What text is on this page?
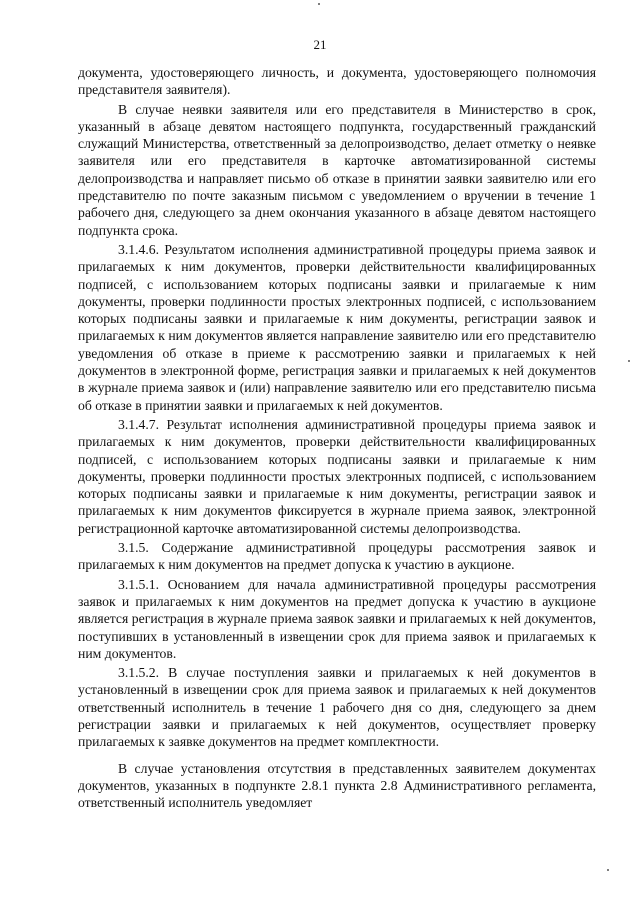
21

документа, удостоверяющего личность, и документа, удостоверяющего полномочия представителя заявителя).

В случае неявки заявителя или его представителя в Министерство в срок, указанный в абзаце девятом настоящего подпункта, государственный гражданский служащий Министерства, ответственный за делопроизводство, делает отметку о неявке заявителя или его представителя в карточке автоматизированной системы делопроизводства и направляет письмо об отказе в принятии заявки заявителю или его представителю по почте заказным письмом с уведомлением о вручении в течение 1 рабочего дня, следующего за днем окончания указанного в абзаце девятом настоящего подпункта срока.

3.1.4.6. Результатом исполнения административной процедуры приема заявок и прилагаемых к ним документов, проверки действительности квалифицированных подписей, с использованием которых подписаны заявки и прилагаемые к ним документы, проверки подлинности простых электронных подписей, с использованием которых подписаны заявки и прилагаемые к ним документы, регистрации заявок и прилагаемых к ним документов является направление заявителю или его представителю уведомления об отказе в приеме к рассмотрению заявки и прилагаемых к ней документов в электронной форме, регистрация заявки и прилагаемых к ней документов в журнале приема заявок и (или) направление заявителю или его представителю письма об отказе в принятии заявки и прилагаемых к ней документов.

3.1.4.7. Результат исполнения административной процедуры приема заявок и прилагаемых к ним документов, проверки действительности квалифицированных подписей, с использованием которых подписаны заявки и прилагаемые к ним документы, проверки подлинности простых электронных подписей, с использованием которых подписаны заявки и прилагаемые к ним документы, регистрации заявок и прилагаемых к ним документов фиксируется в журнале приема заявок, электронной регистрационной карточке автоматизированной системы делопроизводства.

3.1.5. Содержание административной процедуры рассмотрения заявок и прилагаемых к ним документов на предмет допуска к участию в аукционе.

3.1.5.1. Основанием для начала административной процедуры рассмотрения заявок и прилагаемых к ним документов на предмет допуска к участию в аукционе является регистрация в журнале приема заявок заявки и прилагаемых к ней документов, поступивших в установленный в извещении срок для приема заявок и прилагаемых к ним документов.

3.1.5.2. В случае поступления заявки и прилагаемых к ней документов в установленный в извещении срок для приема заявок и прилагаемых к ней документов ответственный исполнитель в течение 1 рабочего дня со дня, следующего за днем регистрации заявки и прилагаемых к ней документов, осуществляет проверку прилагаемых к заявке документов на предмет комплектности.

В случае установления отсутствия в представленных заявителем документах документов, указанных в подпункте 2.8.1 пункта 2.8 Административного регламента, ответственный исполнитель уведомляет
